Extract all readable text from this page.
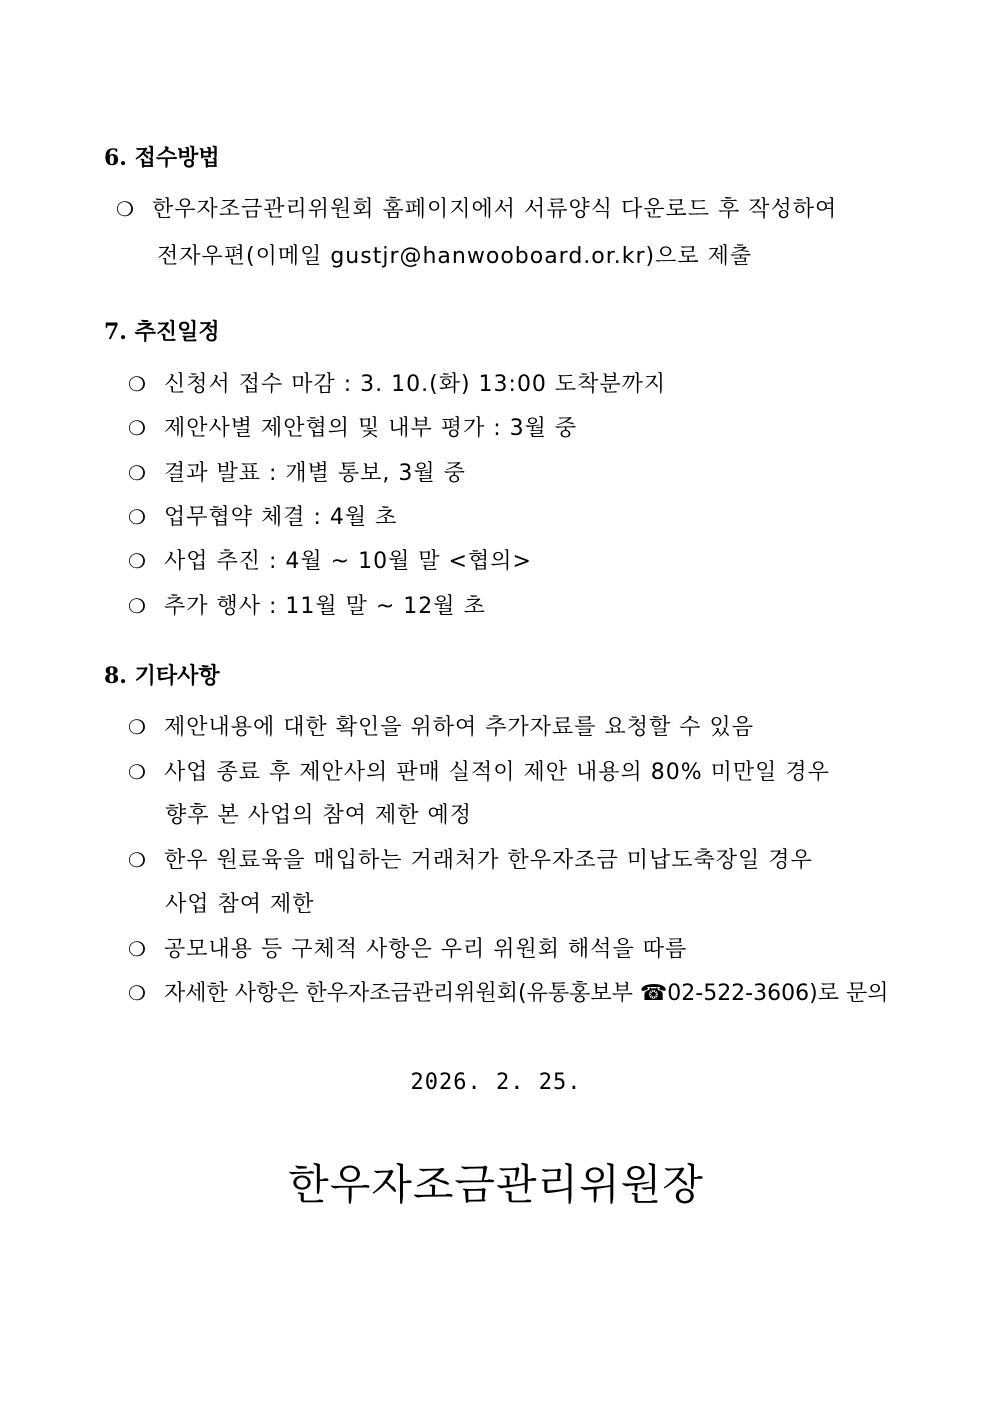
6. 접수방법
❍ 한우자조금관리위원회 홈페이지에서 서류양식 다운로드 후 작성하여
전자우편(이메일 gustjr@hanwooboard.or.kr)으로 제출
7. 추진일정
❍ 신청서 접수 마감 : 3. 10.(화) 13:00 도착분까지
❍ 제안사별 제안협의 및 내부 평가 : 3월 중
❍ 결과 발표 : 개별 통보, 3월 중
❍ 업무협약 체결 : 4월 초
❍ 사업 추진 : 4월 ~ 10월 말 <협의>
❍ 추가 행사 : 11월 말 ~ 12월 초
8. 기타사항
❍ 제안내용에 대한 확인을 위하여 추가자료를 요청할 수 있음
❍ 사업 종료 후 제안사의 판매 실적이 제안 내용의 80% 미만일 경우
향후 본 사업의 참여 제한 예정
❍ 한우 원료육을 매입하는 거래처가 한우자조금 미납도축장일 경우
사업 참여 제한
❍ 공모내용 등 구체적 사항은 우리 위원회 해석을 따름
❍ 자세한 사항은 한우자조금관리위원회(유통홍보부 ☎02-522-3606)로 문의
2026. 2. 25.
한우자조금관리위원장
